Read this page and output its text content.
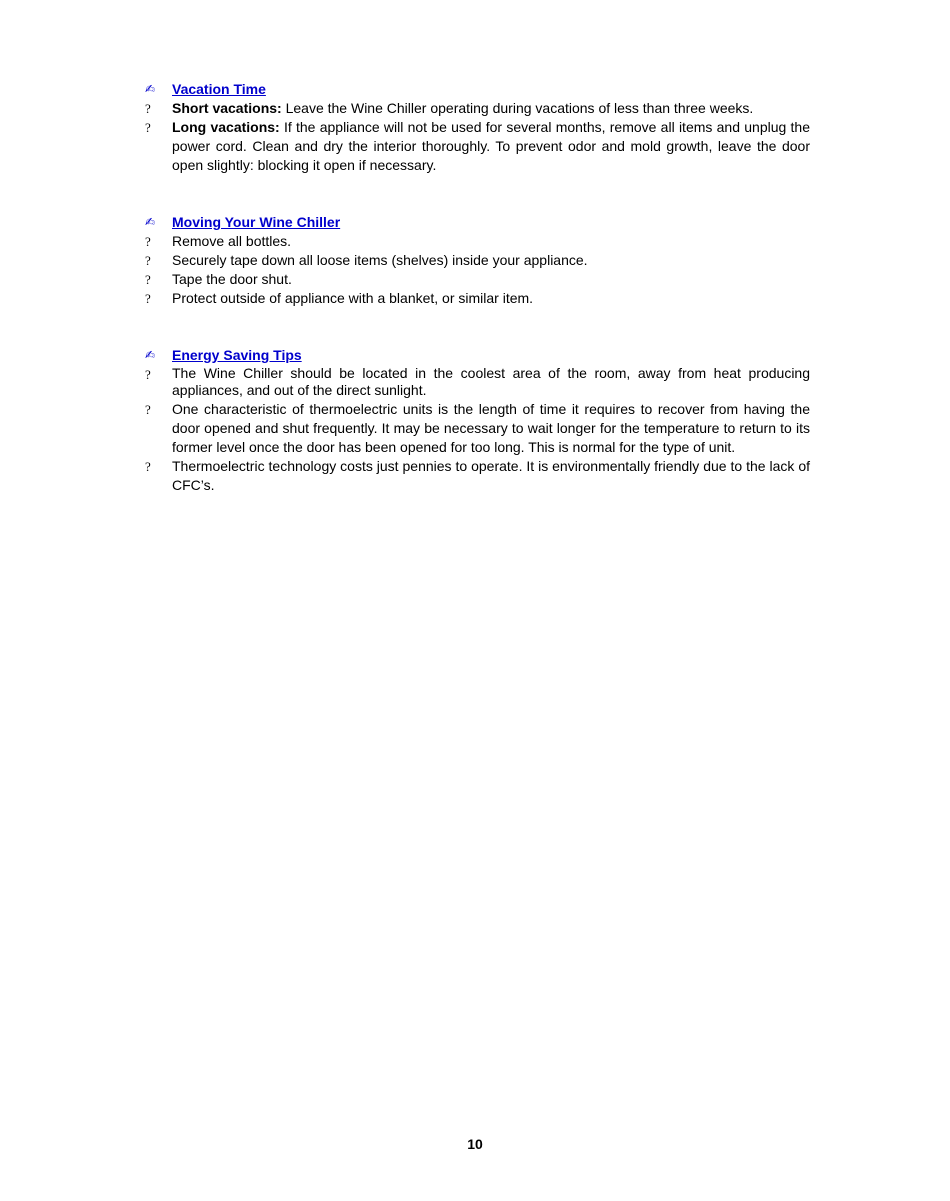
✍	Vacation Time
?	Short vacations: Leave the Wine Chiller operating during vacations of less than three weeks.
?	Long vacations: If the appliance will not be used for several months, remove all items and unplug the power cord. Clean and dry the interior thoroughly. To prevent odor and mold growth, leave the door open slightly: blocking it open if necessary.
✍	Moving Your Wine Chiller
?	Remove all bottles.
?	Securely tape down all loose items (shelves) inside your appliance.
?	Tape the door shut.
?	Protect outside of appliance with a blanket, or similar item.
✍	Energy Saving Tips
?	The Wine Chiller should be located in the coolest area of the room, away from heat producing appliances, and out of the direct sunlight.
?	One characteristic of thermoelectric units is the length of time it requires to recover from having the door opened and shut frequently. It may be necessary to wait longer for the temperature to return to its former level once the door has been opened for too long. This is normal for the type of unit.
?	Thermoelectric technology costs just pennies to operate. It is environmentally friendly due to the lack of CFC’s.
10
